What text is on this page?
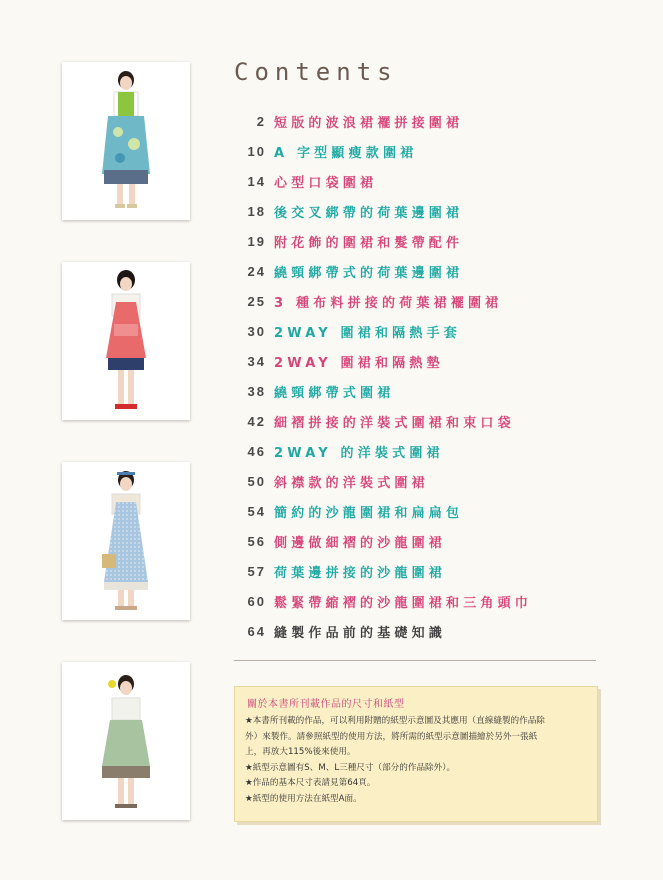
Contents
2 短版的波浪裙襬拼接圍裙
10 A 字型顯瘦款圍裙
14 心型口袋圍裙
18 後交叉綁帶的荷葉邊圍裙
19 附花飾的圍裙和髮帶配件
24 繞頸綁帶式的荷葉邊圍裙
25 3 種布料拼接的荷葉裙襬圍裙
30 2WAY 圍裙和隔熱手套
34 2WAY 圍裙和隔熱墊
38 繞頸綁帶式圍裙
42 細褶拼接的洋裝式圍裙和束口袋
46 2WAY 的洋裝式圍裙
50 斜襟款的洋裝式圍裙
54 簡約的沙龍圍裙和扁扁包
56 側邊做細褶的沙龍圍裙
57 荷葉邊拼接的沙龍圍裙
60 鬆緊帶縮褶的沙龍圍裙和三角頭巾
64 縫製作品前的基礎知識

關於本書所刊載作品的尺寸和紙型

★本書所刊載的作品，可以利用附贈的紙型示意圖及其應用（直線縫製的作品除

外）來製作。請參照紙型的使用方法，將所需的紙型示意圖描繪於另外一張紙

上，再放大115%後來使用。

★紙型示意圖有S、M、L三種尺寸（部分的作品除外）。

★作品的基本尺寸表請見第64頁。

★紙型的使用方法在紙型A面。
